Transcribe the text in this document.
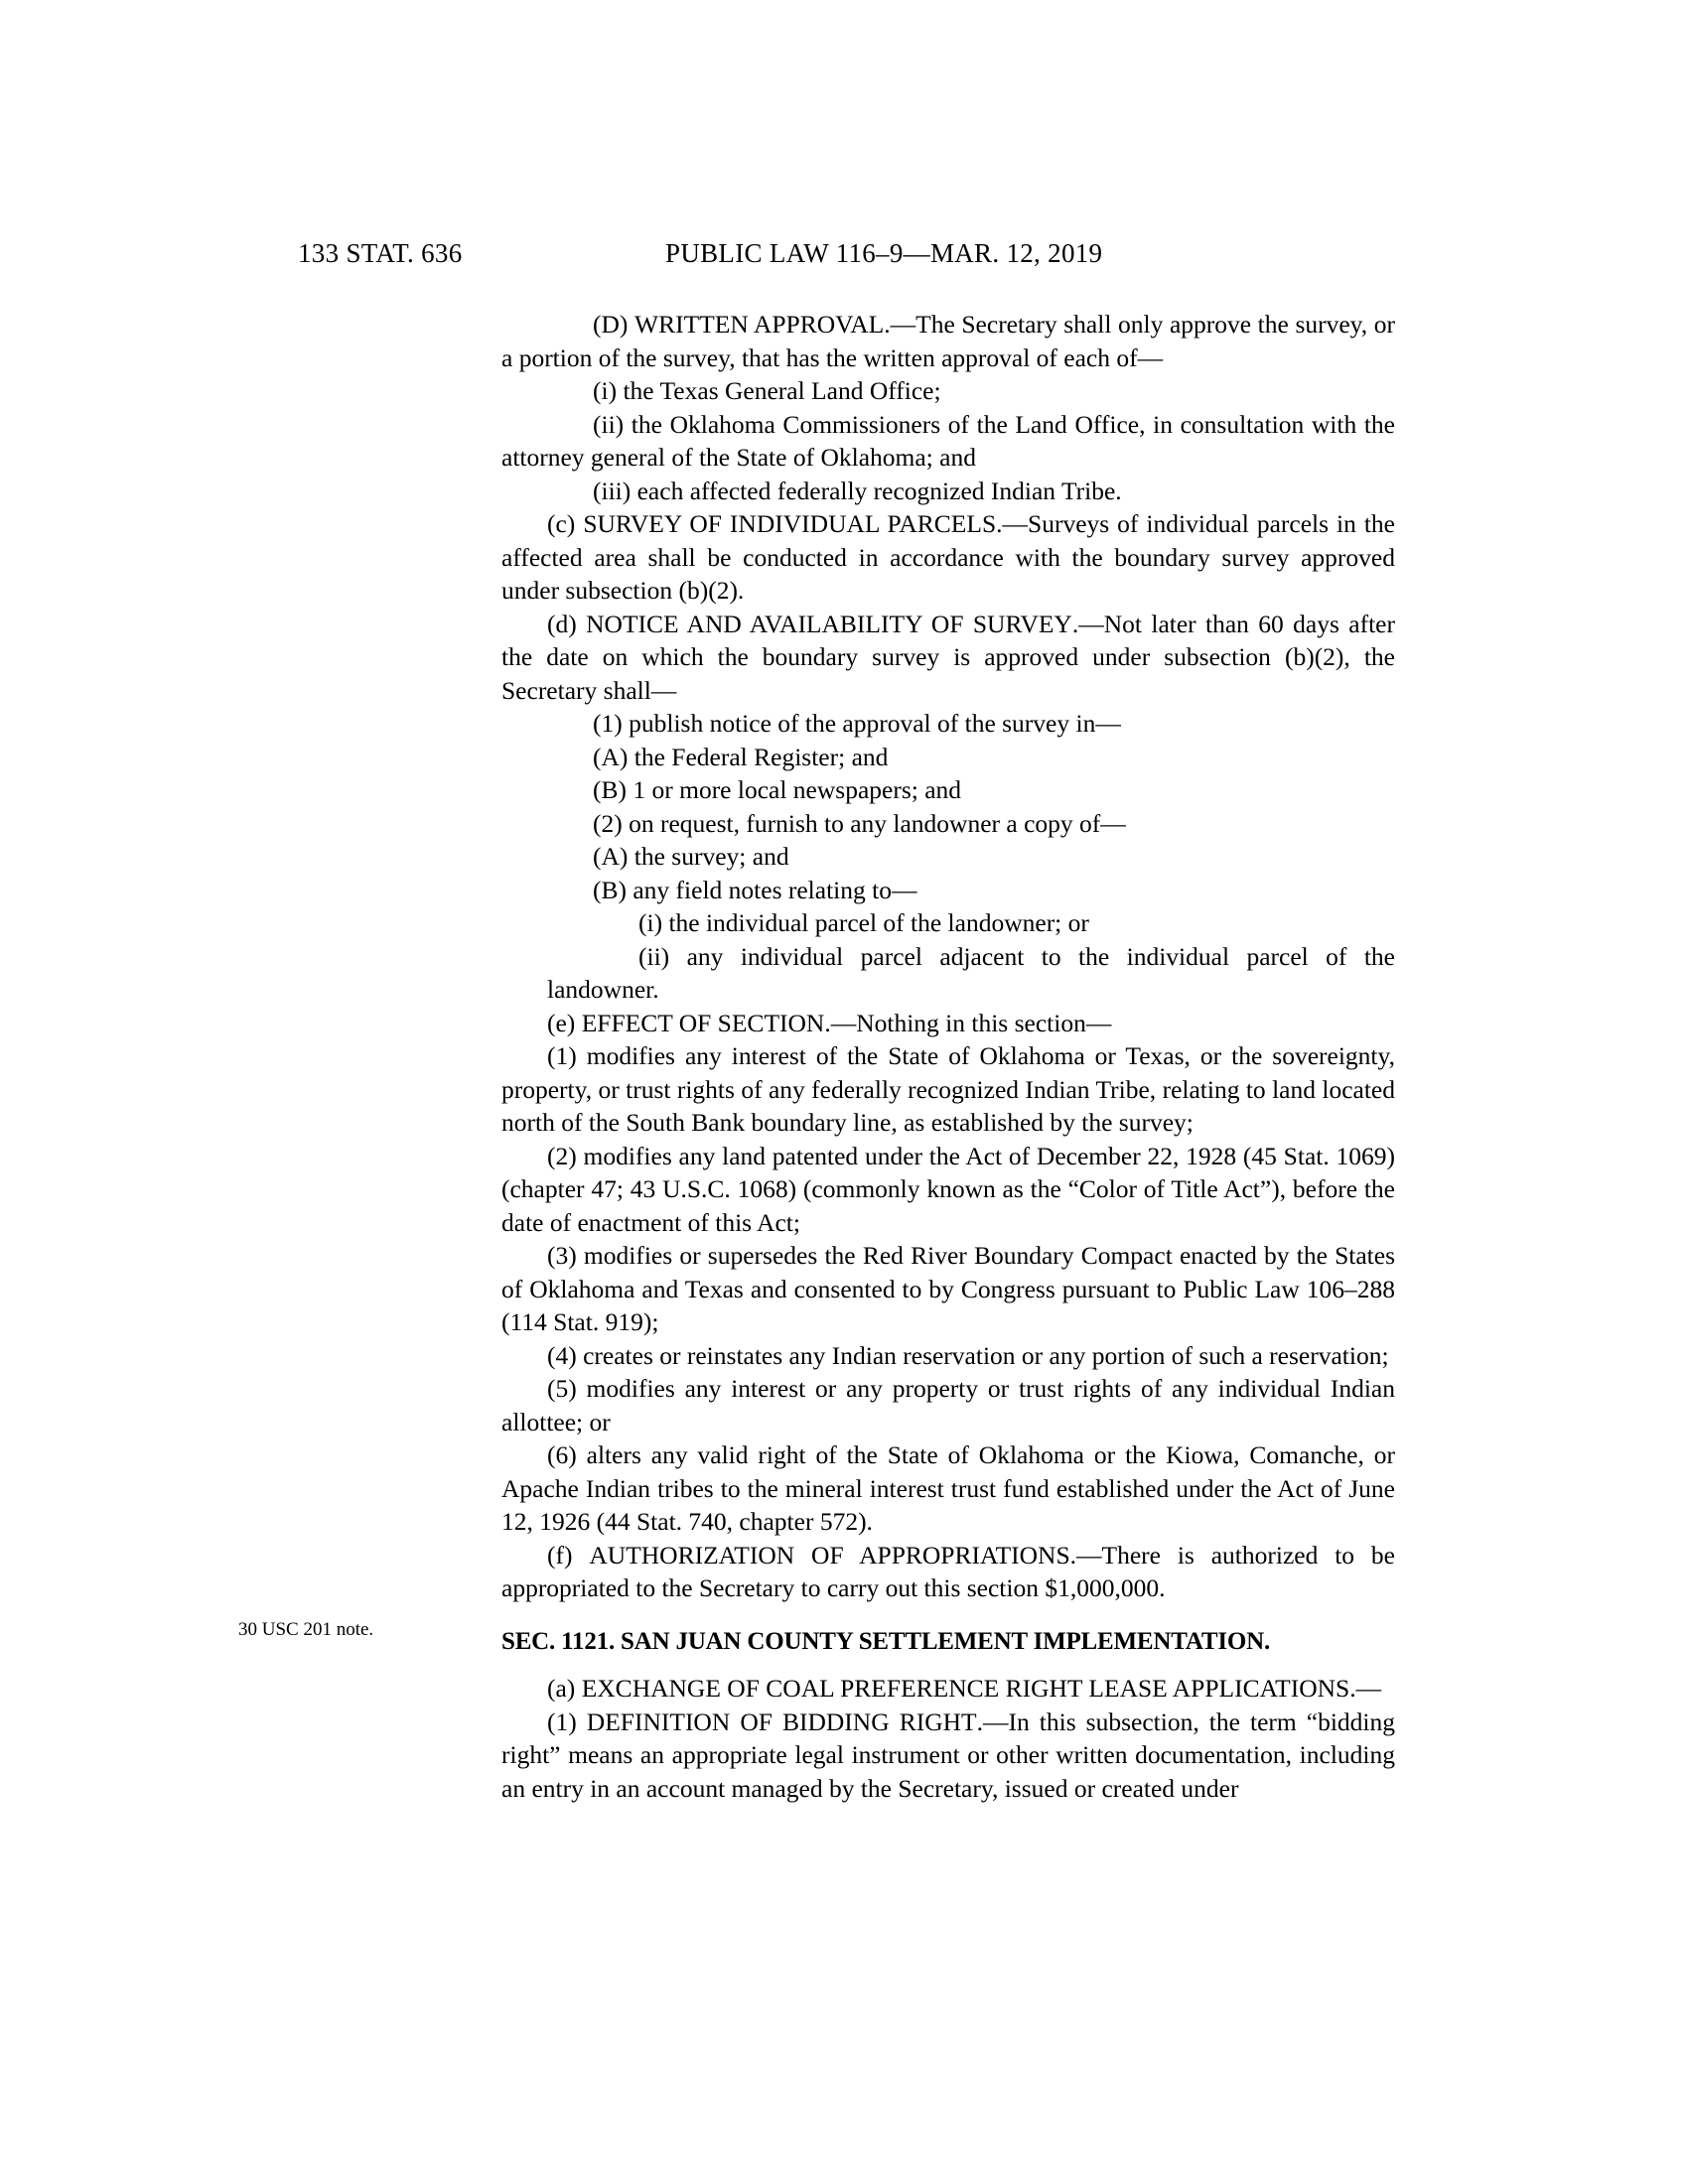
133 STAT. 636	PUBLIC LAW 116–9—MAR. 12, 2019
30 USC 201 note.

(D) WRITTEN APPROVAL.—The Secretary shall only approve the survey, or a portion of the survey, that has the written approval of each of—

(i) the Texas General Land Office;

(ii) the Oklahoma Commissioners of the Land Office, in consultation with the attorney general of the State of Oklahoma; and

(iii) each affected federally recognized Indian Tribe.

(c) SURVEY OF INDIVIDUAL PARCELS.—Surveys of individual parcels in the affected area shall be conducted in accordance with the boundary survey approved under subsection (b)(2).

(d) NOTICE AND AVAILABILITY OF SURVEY.—Not later than 60 days after the date on which the boundary survey is approved under subsection (b)(2), the Secretary shall—

(1) publish notice of the approval of the survey in—

(A) the Federal Register; and

(B) 1 or more local newspapers; and

(2) on request, furnish to any landowner a copy of—

(A) the survey; and

(B) any field notes relating to—

(i) the individual parcel of the landowner; or

(ii) any individual parcel adjacent to the individual parcel of the landowner.

(e) EFFECT OF SECTION.—Nothing in this section—

(1) modifies any interest of the State of Oklahoma or Texas, or the sovereignty, property, or trust rights of any federally recognized Indian Tribe, relating to land located north of the South Bank boundary line, as established by the survey;

(2) modifies any land patented under the Act of December 22, 1928 (45 Stat. 1069) (chapter 47; 43 U.S.C. 1068) (commonly known as the “Color of Title Act”), before the date of enactment of this Act;

(3) modifies or supersedes the Red River Boundary Compact enacted by the States of Oklahoma and Texas and consented to by Congress pursuant to Public Law 106–288 (114 Stat. 919);

(4) creates or reinstates any Indian reservation or any portion of such a reservation;

(5) modifies any interest or any property or trust rights of any individual Indian allottee; or

(6) alters any valid right of the State of Oklahoma or the Kiowa, Comanche, or Apache Indian tribes to the mineral interest trust fund established under the Act of June 12, 1926 (44 Stat. 740, chapter 572).

(f) AUTHORIZATION OF APPROPRIATIONS.—There is authorized to be appropriated to the Secretary to carry out this section $1,000,000.

SEC. 1121. SAN JUAN COUNTY SETTLEMENT IMPLEMENTATION.

(a) EXCHANGE OF COAL PREFERENCE RIGHT LEASE APPLICATIONS.—

(1) DEFINITION OF BIDDING RIGHT.—In this subsection, the term “bidding right” means an appropriate legal instrument or other written documentation, including an entry in an account managed by the Secretary, issued or created under
